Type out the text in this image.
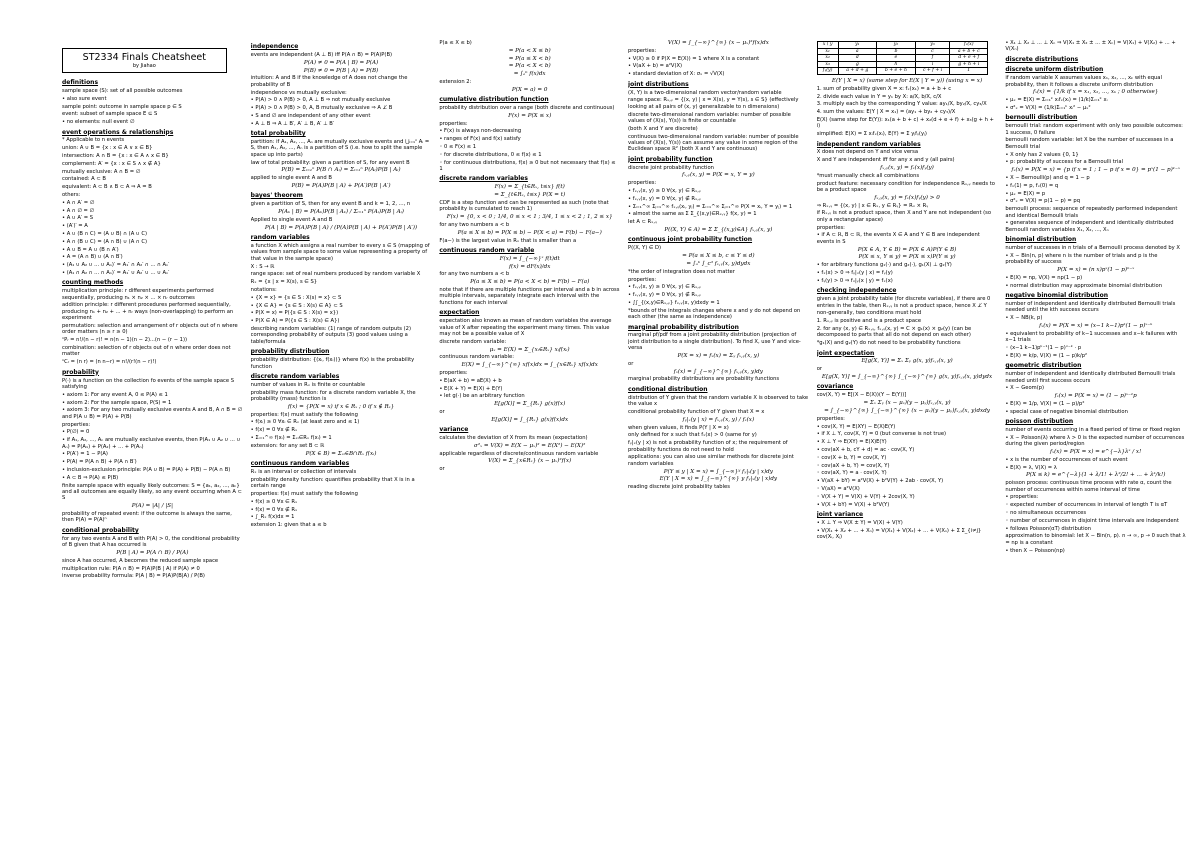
ST2334 Finals Cheatsheet
by Jiahao
definitions

sample space (S): set of all possible outcomes

• also sure event

sample point: outcome in sample space p ∈ S

event: subset of sample space E ⊆ S

• no elements: null event ∅

event operations & relationships

* Applicable to n events

union: A ∪ B = {x : x ∈ A ∨ x ∈ B}

intersection: A ∩ B = {x : x ∈ A ∧ x ∈ B}

complement: A′ = {x : x ∈ S ∧ x ∉ A}

mutually exclusive: A ∩ B = ∅

contained: A ⊂ B

equivalent: A ⊂ B ∧ B ⊂ A ⇒ A = B

others:

• A ∩ A′ = ∅

• A ∩ ∅ = ∅

• A ∪ A′ = S

• (A′)′ = A

• A ∪ (B ∩ C) = (A ∪ B) ∩ (A ∪ C)

• A ∩ (B ∪ C) = (A ∩ B) ∪ (A ∩ C)

• A ∪ B = A ∪ (B ∩ A′)

• A = (A ∩ B) ∪ (A ∩ B′)

• (A₁ ∪ A₂ ∪ ... ∪ Aₙ)′ = A₁′ ∩ A₂′ ∩ ... ∩ Aₙ′

• (A₁ ∩ A₂ ∩ ... ∩ Aₙ)′ = A₁′ ∪ A₂′ ∪ ... ∪ Aₙ′

counting methods

multiplication principle: r different experiments performed sequentially, producing n₁ × n₂ × ... × nᵣ outcomes

addition principle: r different procedures performed sequentially, producing n₁ + n₂ + ... + nᵣ ways (non-overlapping) to perform an experiment

permutation: selection and arrangement of r objects out of n where order matters (n ≥ r ≥ 0)

ⁿPᵣ = n!/(n − r)! = n(n − 1)(n − 2)...(n − (r − 1))

combination: selection of r objects out of n where order does not matter

ⁿCᵣ = (n r) = (n n−r) = n!/(r!(n − r)!)

probability

P(·) is a function on the collection fo events of the sample space S satisfying

• axiom 1: For any event A, 0 ≤ P(A) ≤ 1

• axiom 2: For the sample space, P(S) = 1

• axiom 3: For any two mutually exclusive events A and B, A ∩ B = ∅ and P(A ∪ B) = P(A) + P(B)

properties:

• P(∅) = 0

• if A₁, A₂, ..., Aₙ are mutually exclusive events, then P(A₁ ∪ A₂ ∪ ... ∪ Aₙ) = P(A₁) + P(A₂) + ... + P(Aₙ)

• P(A′) = 1 − P(A)

• P(A) = P(A ∩ B) + P(A ∩ B′)

• inclusion-exclusion principle: P(A ∪ B) = P(A) + P(B) − P(A ∩ B)

• A ⊂ B ⇒ P(A) ≤ P(B)

finite sample space with equally likely outcomes: S = {a₁, a₂, ..., aₖ} and all outcomes are equally likely, so any event occurring when A ⊂ S

P(A) = |A| / |S|

probability of repeated event: if the outcome is always the same, then P(A) = P(A)ⁿ

conditional probability

for any two events A and B with P(A) > 0, the conditional probability of B given that A has occurred is

P(B | A) = P(A ∩ B) / P(A)

since A has occurred, A becomes the reduced sample space

multiplication rule: P(A ∩ B) = P(A)P(B | A) if P(A) ≠ 0

inverse probability formula: P(A | B) = P(A)P(B|A) / P(B)

independence

events are independent (A ⊥ B) iff P(A ∩ B) = P(A)P(B)

P(A) ≠ 0 ⇒ P(A | B) = P(A)

P(B) ≠ 0 ⇒ P(B | A) = P(B)

intuition: A and B if the knowledge of A does not change the probability of B

independence vs mutually exclusive:

• P(A) > 0 ∧ P(B) > 0, A ⊥ B ⇒ not mutually exclusive

• P(A) > 0 ∧ P(B) > 0, A, B mutually exclusive ⇒ A ⊥̸ B

• S and ∅ are independent of any other event

• A ⊥ B ⇒ A ⊥ B′, A′ ⊥ B, A′ ⊥ B′

total probability

partition: if A₁, A₂, ..., Aₙ are mutually exclusive events and ⋃ᵢ₌₁ⁿ Aᵢ = S, then A₁, A₂, ..., Aₙ is a partition of S (i.e. how to split the sample space up into parts)

law of total probability: given a partition of S, for any event B

P(B) = Σᵢ₌₁ⁿ P(B ∩ Aᵢ) = Σᵢ₌₁ⁿ P(Aᵢ)P(B | Aᵢ)

applied to single event A and B

P(B) = P(A)P(B | A) + P(A′)P(B | A′)

bayes' theorem

given a partition of S, then for any event B and k = 1, 2, ..., n

P(Aₖ | B) = P(Aₖ)P(B | Aₖ) / Σᵢ₌₁ⁿ P(Aᵢ)P(B | Aᵢ)

Applied to single event A and B

P(A | B) = P(A)P(B | A) / (P(A)P(B | A) + P(A′)P(B | A′))

random variables

a function X which assigns a real number to every s ∈ S (mapping of values from sample space to some value representing a property of that value in the sample space)

X : S → ℝ

range space: set of real numbers produced by random variable X

Rₓ = {x | x = X(s), s ∈ S}

notations:

• {X = x} = {s ∈ S : X(s) = x} ⊂ S

• {X ∈ A} = {s ∈ S : X(s) ∈ A} ⊂ S

• P(X = x) = P({s ∈ S : X(s) = x})

• P(X ∈ A) = P({s ∈ S : X(s) ∈ A})

describing random variables: (1) range of random outputs (2) corresponding probability of outputs (3) good values using a table/formula

probability distribution

probability distribution: {(xᵢ, f(xᵢ))} where f(x) is the probability function

discrete random variables

number of values in Rₓ is finite or countable

probability mass function: for a discrete random variable X, the probability (mass) function is

f(x) = {P(X = x) if x ∈ Rₓ ; 0 if x ∉ Rₓ}

properties: f(x) must satisfy the following

• f(xᵢ) ≥ 0 ∀xᵢ ∈ Rₓ (at least zero and ≤ 1)

• f(x) = 0 ∀x ∉ Rₓ

• Σᵢ₌₁^∞ f(xᵢ) = Σₓᵢ∈Rₓ f(xᵢ) = 1

extension: for any set B ⊂ ℝ

P(X ∈ B) = Σₓᵢ∈B∩Rₓ f(xᵢ)

continuous random variables

Rₓ is an interval or collection of intervals

probability density function: quantifies probability that X is in a certain range

properties: f(x) must satisfy the following

• f(x) ≥ 0 ∀x ∈ Rₓ

• f(x) = 0 ∀x ∉ Rₓ

• ∫_Rₓ f(x)dx = 1

extension 1: given that a ≤ b

P(a ≤ X ≤ b)

= P(a < X ≤ b)

= P(a ≤ X < b)

= P(a < X < b)

= ∫ₐᵇ f(x)dx

extension 2:

P(X = a) = 0

cumulative distribution function

probability distribution over a range (both discrete and continuous)

F(x) = P(X ≤ x)

properties:

• F(x) is always non-decreasing

• ranges of F(x) and f(x) satisfy

◦ 0 ≤ F(x) ≤ 1

◦ for discrete distributions, 0 ≤ f(x) ≤ 1

◦ for continuous distributions, f(x) ≥ 0 but not necessary that f(x) ≤ 1

discrete random variables

F(x) = Σ_{t∈Rₓ, t≤x} f(t)

= Σ_{t∈Rₓ, t≤x} P(X = t)

CDF is a step function and can be represented as such (note that probability is cumulated to reach 1)

F(x) = {0, x < 0 ; 1/4, 0 ≤ x < 1 ; 3/4, 1 ≤ x < 2 ; 1, 2 ≤ x}

for any two numbers a < b

P(a ≤ X ≤ b) = P(X ≤ b) − P(X < a) = F(b) − F(a−)

F(a−) is the largest value in Rₓ that is smaller than a

continuous random variable

F(x) = ∫_{−∞}ˣ f(t)dt

f(x) = dF(x)/dx

for any two numbers a < b

P(a ≤ X ≤ b) = P(a < X < b) = F(b) − F(a)

note that if there are multiple functions per interval and a b in across multiple intervals, separately integrate each interval with the functions for each interval

expectation

expectation also known as mean of random variables the average value of X after repeating the experiment many times. This value may not be a possible value of X

discrete random variable:

μₓ = E(X) = Σ_{xᵢ∈Rₓ} xᵢf(xᵢ)

continuous random variable:

E(X) = ∫_{−∞}^{∞} xf(x)dx = ∫_{x∈Rₓ} xf(x)dx

properties:

• E(aX + b) = aE(X) + b

• E(X + Y) = E(X) + E(Y)

• let g(·) be an arbitrary function

E[g(X)] = Σ_{Rₓ} g(x)f(x)

or

E[g(X)] = ∫_{Rₓ} g(x)f(x)dx

variance

calculates the deviation of X from its mean (expectation)

σ²ₓ = V(X) = E(X − μₓ)² = E(X²) − E(X)²

applicable regardless of discrete/continuous random variable

V(X) = Σ_{x∈Rₓ} (x − μₓ)²f(x)

or

V(X) = ∫_{−∞}^{∞} (x − μₓ)²f(x)dx

properties:

• V(X) ≥ 0 if P(X = E(X)) = 1 where X is a constant

• V(aX + b) = a²V(X)

• standard deviation of X: σₓ = √V(X)

joint distributions

(X, Y) is a two-dimensional random vector/random variable

range space: Rₓ,ᵧ = {(x, y) | x = X(s), y = Y(s), s ∈ S} (effectively looking at all pairs of (x, y) generalizable to n dimensions)

discrete two-dimensional random variable: number of possible values of (X(s), Y(s)) is finite or countable

(both X and Y are discrete)

continuous two-dimensional random variable: number of possible values of (X(s), Y(s)) can assume any value in some region of the Euclidean space ℝ² (both X and Y are continuous)

joint probability function

discrete joint probability function

fₓ,ᵧ(x, y) = P(X = x, Y = y)

properties:

• fₓ,ᵧ(x, y) ≥ 0 ∀(x, y) ∈ Rₓ,ᵧ

• fₓ,ᵧ(x, y) = 0 ∀(x, y) ∉ Rₓ,ᵧ

• Σᵢ₌₁^∞ Σⱼ₌₁^∞ fₓ,ᵧ(xᵢ, yⱼ) = Σᵢ₌₁^∞ Σⱼ₌₁^∞ P(X = xᵢ, Y = yⱼ) = 1

• almost the same as Σ Σ_{(x,y)∈Rₓ,ᵧ} f(x, y) = 1

let A ⊂ Rₓ,ᵧ

P((X, Y) ∈ A) = Σ Σ_{(x,y)∈A} fₓ,ᵧ(x, y)

continuous joint probability function

P((X, Y) ∈ D)

= P(a ≤ X ≤ b, c ≤ Y ≤ d)

= ∫ₐᵇ ∫_cᵈ fₓ,ᵧ(x, y)dydx

*the order of integration does not matter

properties:

• fₓ,ᵧ(x, y) ≥ 0 ∀(x, y) ∈ Rₓ,ᵧ

• fₓ,ᵧ(x, y) = 0 ∀(x, y) ∉ Rₓ,ᵧ

• ∫∫_{(x,y)∈Rₓ,ᵧ} fₓ,ᵧ(x, y)dxdy = 1

*bounds of the integrals changes where x and y do not depend on each other (the same as independence)

marginal probability distribution

marginal pf/pdf from a joint probability distribution (projection of joint distribution to a single distribution). To find X, use Y and vice-versa

P(X = x) = fₓ(x) = Σᵧ fₓ,ᵧ(x, y)

or

fₓ(x) = ∫_{−∞}^{∞} fₓ,ᵧ(x, y)dy

marginal probability distributions are probability functions

conditional distribution

distribution of Y given that the random variable X is observed to take the value x

conditional probability function of Y given that X = x

fᵧ|ₓ(y | x) = fₓ,ᵧ(x, y) / fₓ(x)

when given values, it finds P(Y | X = x)

only defined for x such that fₓ(x) > 0 (same for y)

fᵧ|ₓ(y | x) is not a probability function of x; the requirement of probability functions do not need to hold

applications: you can also use similar methods for discrete joint random variables

P(Y ≤ y | X = x) = ∫_{−∞}ʸ fᵧ|ₓ(y | x)dy

E(Y | X = x) = ∫_{−∞}^{∞} y fᵧ|ₓ(y | x)dy

reading discrete joint probability tables

x \ y	y₁	y₂	y₃	fₓ(x)
x₁	a	b	c	a + b + c
x₂	d	e	f	d + e + f
x₃	g	h	i	g + h + i
fᵧ(y)	a + d + g	b + e + h	c + f + i	1

E(Y | X = x) (same step for E(X | Y = y)) (using x = x)

1. sum of probability given X = x: fₓ(x₁) = a + b + c

2. divide each value in Y = y₁ by X: a/X, b/X, c/X

3. multiply each by the corresponding Y value: ay₁/X, by₂/X, cy₃/X

4. sum the values: E(Y | X = x₁) = (ay₁ + by₂ + cy₃)/X

E(X) (same step for E(Y)): x₁(a + b + c) + x₂(d + e + f) + x₃(g + h + i)

simplified: E(X) = Σ xᵢfₓ(xᵢ), E(Y) = Σ yⱼfᵧ(yⱼ)

independent random variables

X does not depend on Y and vice versa

X and Y are independent iff for any x and y (all pairs)

fₓ,ᵧ(x, y) = fₓ(x)fᵧ(y)

*must manually check all combinations

product feature: necessary condition for independence Rₓ,ᵧ needs to be a product space

fₓ,ᵧ(x, y) = fₓ(x)fᵧ(y) > 0

⇒ Rₓ,ᵧ = {(x, y) | x ∈ Rₓ, y ∈ Rᵧ} = Rₓ × Rᵧ

if Rₓ,ᵧ is not a product space, then X and Y are not independent (so only a rectangular space)

properties:

• if A ⊂ ℝ, B ⊂ ℝ, the events X ∈ A and Y ∈ B are independent events in S

P(X ∈ A, Y ∈ B) = P(X ∈ A)P(Y ∈ B)

P(X ≤ x, Y ≤ y) = P(X ≤ x)P(Y ≤ y)

• for arbitrary functions g₁(·) and g₂(·), g₁(X) ⊥ g₂(Y)

• fₓ(x) > 0 ⇒ fᵧ|ₓ(y | x) = fᵧ(y)

• fᵧ(y) > 0 ⇒ fₓ|ᵧ(x | y) = fₓ(x)

checking independence

given a joint probability table (for discrete variables), if there are 0 entries in the table, then Rₓ,ᵧ is not a product space, hence X ⊥̸ Y

non-generally, two conditions must hold

1. Rₓ,ᵧ is positive and is a product space

2. for any (x, y) ∈ Rₓ,ᵧ, fₓ,ᵧ(x, y) = C × g₁(x) × g₂(y) (can be decomposed to parts that all do not depend on each other)

*g₁(X) and g₂(Y) do not need to be probability functions

joint expectation

E[g(X, Y)] = Σₓ Σᵧ g(x, y)fₓ,ᵧ(x, y)

or

E[g(X, Y)] = ∫_{−∞}^{∞} ∫_{−∞}^{∞} g(x, y)fₓ,ᵧ(x, y)dydx

covariance

cov(X, Y) = E[(X − E(X))(Y − E(Y))]

= Σₓ Σᵧ (x − μₓ)(y − μᵧ)fₓ,ᵧ(x, y)

= ∫_{−∞}^{∞} ∫_{−∞}^{∞} (x − μₓ)(y − μᵧ)fₓ,ᵧ(x, y)dxdy

properties:

• cov(X, Y) = E(XY) − E(X)E(Y)

• if X ⊥ Y, cov(X, Y) = 0 (but converse is not true)

• X ⊥ Y ⇒ E(XY) = E(X)E(Y)

• cov(aX + b, cY + d) = ac · cov(X, Y)

◦ cov(X + b, Y) = cov(X, Y)

◦ cov(aX + b, Y) = cov(X, Y)

◦ cov(aX, Y) = a · cov(X, Y)

• V(aX + bY) = a²V(X) + b²V(Y) + 2ab · cov(X, Y)

◦ V(aX) = a²V(X)

◦ V(X + Y) = V(X) + V(Y) + 2cov(X, Y)

• V(X + bY) = V(X) + b²V(Y)

joint variance

• X ⊥ Y ⇒ V(X ± Y) = V(X) + V(Y)

• V(X₁ + X₂ + ... + Xₙ) = V(X₁) + V(X₂) + ... + V(Xₙ) + Σ Σ_{i≠j} cov(Xᵢ, Xⱼ)

• X₁ ⊥ X₂ ⊥ ... ⊥ Xₙ ⇒ V(X₁ ± X₂ ± ... ± Xₙ) = V(X₁) + V(X₂) + ... + V(Xₙ)

discrete distributions
discrete uniform distribution

if random variable X assumes values x₁, x₂, ..., xₖ with equal probability, then it follows a discrete uniform distribution

fₓ(x) = {1/k if x = x₁, x₂, ..., xₖ ; 0 otherwise}

• μₓ = E(X) = Σᵢ₌₁ᵏ xᵢfₓ(xᵢ) = (1/k)Σᵢ₌₁ᵏ xᵢ

• σ²ₓ = V(X) = (1/k)Σᵢ₌₁ᵏ xᵢ² − μₓ²

bernoulli distribution

bernoulli trial: random experiment with only two possible outcomes: 1 success, 0 failure

bernoulli random variable: let X be the number of successes in a Bernoulli trial

• X only has 2 values {0, 1}

• p: probability of success for a Bernoulli trial

fₓ(x) = P(X = x) = {p if x = 1 ; 1 − p if x = 0} = pˣ(1 − p)¹⁻ˣ

• X ∼ Bernoulli(p) and q = 1 − p

• fₓ(1) = p, fₓ(0) = q

• μₓ = E(X) = p

• σ²ₓ = V(X) = p(1 − p) = pq

bernoulli process: sequence of repeatedly performed independent and identical Bernoulli trials

• generates sequence of independent and identically distributed Bernoulli random variables X₁, X₂, ..., Xₙ

binomial distribution

number of successes in n trials of a Bernoulli process denoted by X

• X ∼ Bin(n, p) where n is the number of trials and p is the probability of success

P(X = x) = (n x)pˣ(1 − p)ⁿ⁻ˣ

• E(X) = np, V(X) = np(1 − p)

• normal distribution may approximate binomial distribution

negative binomial distribution

number of independent and identically distributed Bernoulli trials needed until the kth success occurs

• X ∼ NB(k, p)

fₓ(x) = P(X = x) = (x−1 k−1)pᵏ(1 − p)ˣ⁻ᵏ

• equivalent to probability of k−1 successes and x−k failures with x−1 trials

◦ (x−1 k−1)pᵏ⁻¹(1 − p)ˣ⁻ᵏ · p

• E(X) = k/p, V(X) = (1 − p)k/p²

geometric distribution

number of independent and identically distributed Bernoulli trials needed until first success occurs

• X ∼ Geom(p)

fₓ(x) = P(X = x) = (1 − p)ˣ⁻¹p

• E(X) = 1/p, V(X) = (1 − p)/p²

• special case of negative binomial distribution

poisson distribution

number of events occurring in a fixed period of time or fixed region

• X ∼ Poisson(λ) where λ > 0 is the expected number of occurrences during the given period/region

fₓ(x) = P(X = x) = e^{−λ}λˣ / x!

• x is the number of occurrences of such event

• E(X) = λ, V(X) = λ

P(X ≤ k) = e^{−λ}(1 + λ/1! + λ²/2! + ... + λᵏ/k!)

poisson process: continuous time process with rate α, count the number of occurrences within some interval of time

• properties:

◦ expected number of occurrences in interval of length T is αT

◦ no simultaneous occurrences

◦ number of occurrences in disjoint time intervals are independent

• follows Poisson(αT) distribution

approximation to binomial: let X ∼ Bin(n, p). n → ∞, p → 0 such that λ = np is a constant

• then X ∼ Poisson(np)
